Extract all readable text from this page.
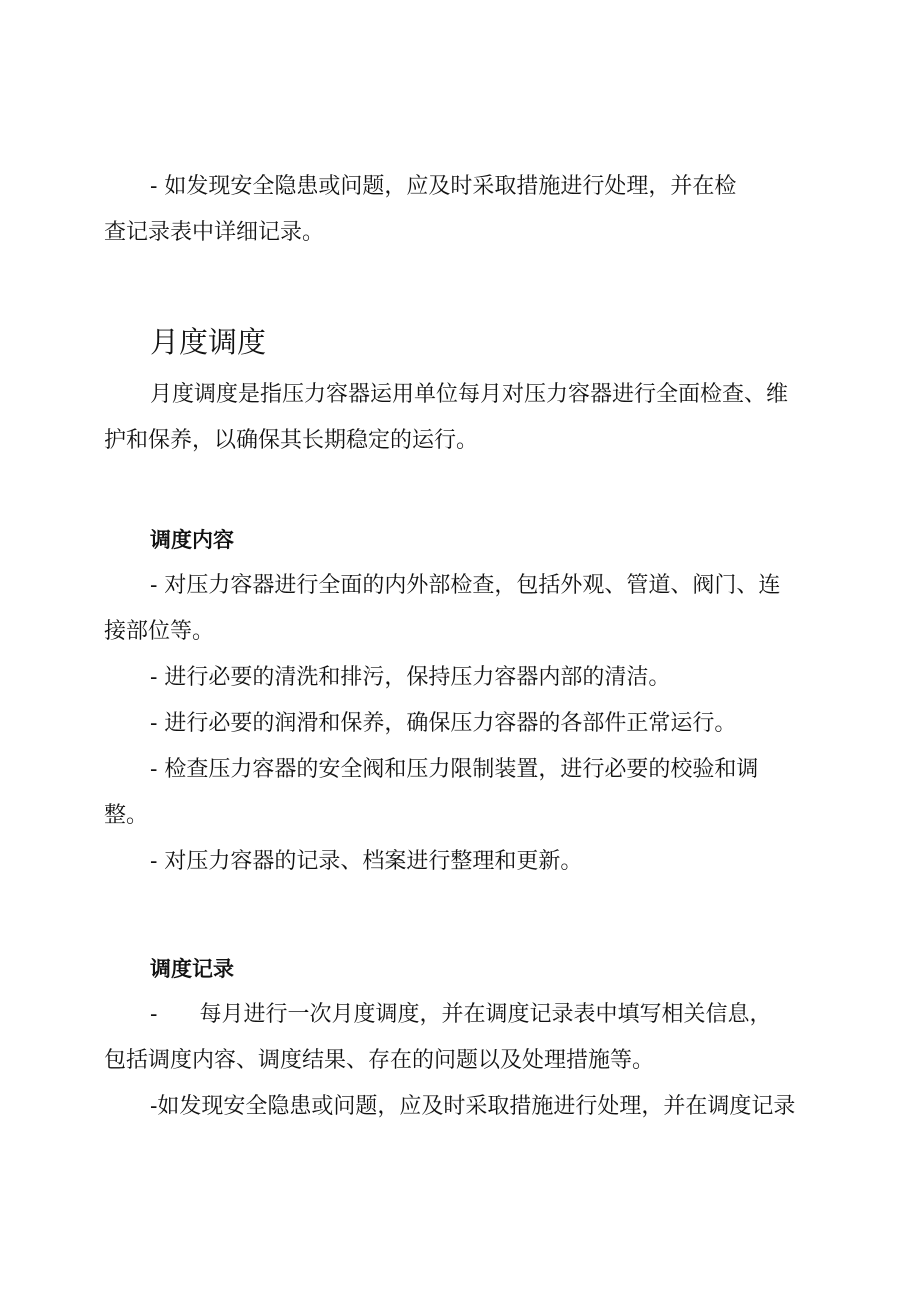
- 如发现安全隐患或问题，应及时采取措施进行处理，并在检
查记录表中详细记录。
月度调度
月度调度是指压力容器运用单位每月对压力容器进行全面检查、维
护和保养，以确保其长期稳定的运行。
调度内容
- 对压力容器进行全面的内外部检查，包括外观、管道、阀门、连
接部位等。
- 进行必要的清洗和排污，保持压力容器内部的清洁。
- 进行必要的润滑和保养，确保压力容器的各部件正常运行。
- 检查压力容器的安全阀和压力限制装置，进行必要的校验和调
整。
- 对压力容器的记录、档案进行整理和更新。
调度记录
- 每月进行一次月度调度，并在调度记录表中填写相关信息，
包括调度内容、调度结果、存在的问题以及处理措施等。
-如发现安全隐患或问题，应及时采取措施进行处理，并在调度记录
